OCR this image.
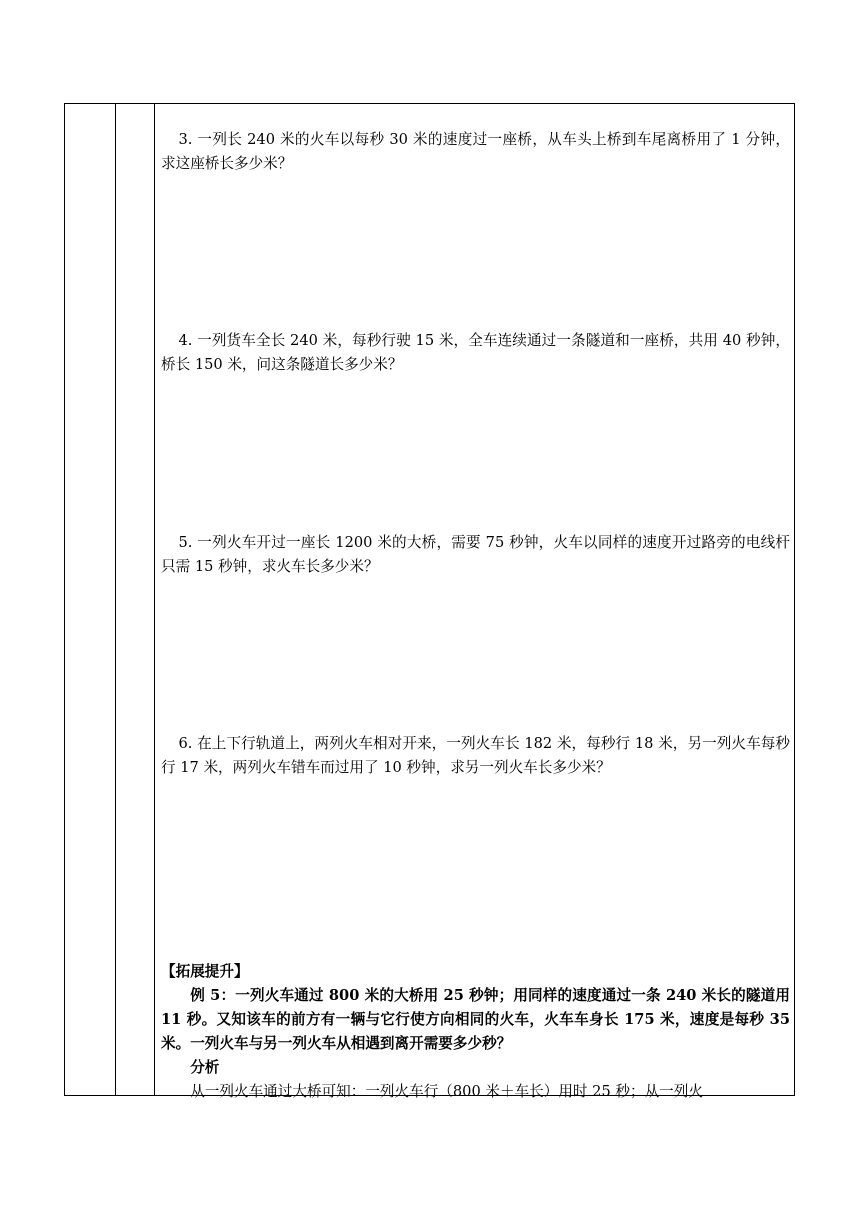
3. 一列长 240 米的火车以每秒 30 米的速度过一座桥，从车头上桥到车尾离桥用了 1 分钟，求这座桥长多少米？

4. 一列货车全长 240 米，每秒行驶 15 米，全车连续通过一条隧道和一座桥，共用 40 秒钟，桥长 150 米，问这条隧道长多少米？

5. 一列火车开过一座长 1200 米的大桥，需要 75 秒钟，火车以同样的速度开过路旁的电线杆只需 15 秒钟，求火车长多少米？

6. 在上下行轨道上，两列火车相对开来，一列火车长 182 米，每秒行 18 米，另一列火车每秒行 17 米，两列火车错车而过用了 10 秒钟，求另一列火车长多少米？

【拓展提升】

例 5：一列火车通过 800 米的大桥用 25 秒钟；用同样的速度通过一条 240 米长的隧道用 11 秒。又知该车的前方有一辆与它行使方向相同的火车，火车车身长 175 米，速度是每秒 35 米。一列火车与另一列火车从相遇到离开需要多少秒？

分析

从一列火车通过大桥可知：一列火车行（800 米＋车长）用时 25 秒；从一列火
